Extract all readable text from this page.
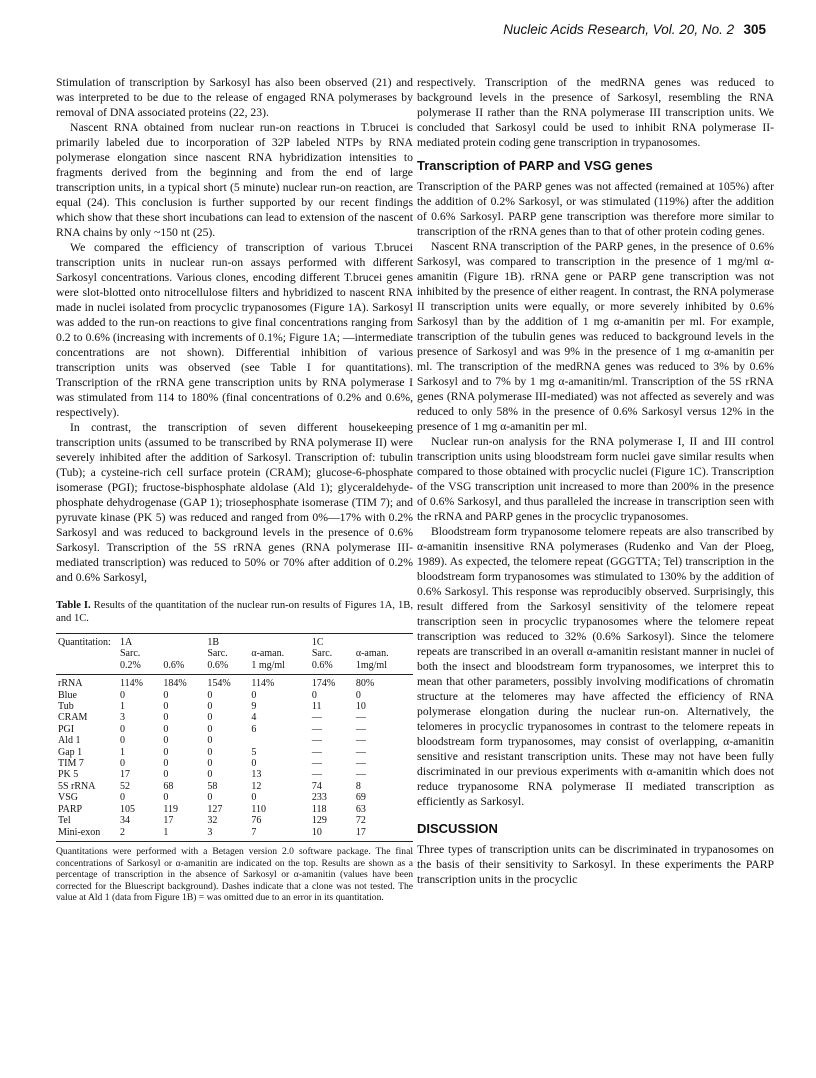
Nucleic Acids Research, Vol. 20, No. 2 305

Stimulation of transcription by Sarkosyl has also been observed (21) and was interpreted to be due to the release of engaged RNA polymerases by removal of DNA associated proteins (22, 23).

Nascent RNA obtained from nuclear run-on reactions in T.brucei is primarily labeled due to incorporation of 32P labeled NTPs by RNA polymerase elongation since nascent RNA hybridization intensities to fragments derived from the beginning and from the end of large transcription units, in a typical short (5 minute) nuclear run-on reaction, are equal (24). This conclusion is further supported by our recent findings which show that these short incubations can lead to extension of the nascent RNA chains by only ~150 nt (25).

We compared the efficiency of transcription of various T.brucei transcription units in nuclear run-on assays performed with different Sarkosyl concentrations. Various clones, encoding different T.brucei genes were slot-blotted onto nitrocellulose filters and hybridized to nascent RNA made in nuclei isolated from procyclic trypanosomes (Figure 1A). Sarkosyl was added to the run-on reactions to give final concentrations ranging from 0.2 to 0.6% (increasing with increments of 0.1%; Figure 1A; —intermediate concentrations are not shown). Differential inhibition of various transcription units was observed (see Table I for quantitations). Transcription of the rRNA gene transcription units by RNA polymerase I was stimulated from 114 to 180% (final concentrations of 0.2% and 0.6%, respectively).

In contrast, the transcription of seven different housekeeping transcription units (assumed to be transcribed by RNA polymerase II) were severely inhibited after the addition of Sarkosyl. Transcription of: tubulin (Tub); a cysteine-rich cell surface protein (CRAM); glucose-6-phosphate isomerase (PGI); fructose-bisphosphate aldolase (Ald 1); glyceraldehyde-phosphate dehydrogenase (GAP 1); triosephosphate isomerase (TIM 7); and pyruvate kinase (PK 5) was reduced and ranged from 0%—17% with 0.2% Sarkosyl and was reduced to background levels in the presence of 0.6% Sarkosyl. Transcription of the 5S rRNA genes (RNA polymerase III-mediated transcription) was reduced to 50% or 70% after addition of 0.2% and 0.6% Sarkosyl,

Table I. Results of the quantitation of the nuclear run-on results of Figures 1A, 1B, and 1C.
Quantitation:	1A		1B		1C	
	Sarc.		Sarc.	α-aman.	Sarc.	α-aman.
	0.2%	0.6%	0.6%	1 mg/ml	0.6%	1mg/ml
rRNA	114%	184%	154%	114%	174%	80%
Blue	0	0	0	0	0	0
Tub	1	0	0	9	11	10
CRAM	3	0	0	4	—	—
PGI	0	0	0	6	—	—
Ald 1	0	0	0		—	—
Gap 1	1	0	0	5	—	—
TIM 7	0	0	0	0	—	—
PK 5	17	0	0	13	—	—
5S rRNA	52	68	58	12	74	8
VSG	0	0	0	0	233	69
PARP	105	119	127	110	118	63
Tel	34	17	32	76	129	72
Mini-exon	2	1	3	7	10	17
Quantitations were performed with a Betagen version 2.0 software package. The final concentrations of Sarkosyl or α-amanitin are indicated on the top. Results are shown as a percentage of transcription in the absence of Sarkosyl or α-amanitin (values have been corrected for the Bluescript background). Dashes indicate that a clone was not tested. The value at Ald 1 (data from Figure 1B) = was omitted due to an error in its quantitation.

respectively. Transcription of the medRNA genes was reduced to background levels in the presence of Sarkosyl, resembling the RNA polymerase II rather than the RNA polymerase III transcription units. We concluded that Sarkosyl could be used to inhibit RNA polymerase II-mediated protein coding gene transcription in trypanosomes.

Transcription of PARP and VSG genes

Transcription of the PARP genes was not affected (remained at 105%) after the addition of 0.2% Sarkosyl, or was stimulated (119%) after the addition of 0.6% Sarkosyl. PARP gene transcription was therefore more similar to transcription of the rRNA genes than to that of other protein coding genes.

Nascent RNA transcription of the PARP genes, in the presence of 0.6% Sarkosyl, was compared to transcription in the presence of 1 mg/ml α-amanitin (Figure 1B). rRNA gene or PARP gene transcription was not inhibited by the presence of either reagent. In contrast, the RNA polymerase II transcription units were equally, or more severely inhibited by 0.6% Sarkosyl than by the addition of 1 mg α-amanitin per ml. For example, transcription of the tubulin genes was reduced to background levels in the presence of Sarkosyl and was 9% in the presence of 1 mg α-amanitin per ml. The transcription of the medRNA genes was reduced to 3% by 0.6% Sarkosyl and to 7% by 1 mg α-amanitin/ml. Transcription of the 5S rRNA genes (RNA polymerase III-mediated) was not affected as severely and was reduced to only 58% in the presence of 0.6% Sarkosyl versus 12% in the presence of 1 mg α-amanitin per ml.

Nuclear run-on analysis for the RNA polymerase I, II and III control transcription units using bloodstream form nuclei gave similar results when compared to those obtained with procyclic nuclei (Figure 1C). Transcription of the VSG transcription unit increased to more than 200% in the presence of 0.6% Sarkosyl, and thus paralleled the increase in transcription seen with the rRNA and PARP genes in the procyclic trypanosomes.

Bloodstream form trypanosome telomere repeats are also transcribed by α-amanitin insensitive RNA polymerases (Rudenko and Van der Ploeg, 1989). As expected, the telomere repeat (GGGTTA; Tel) transcription in the bloodstream form trypanosomes was stimulated to 130% by the addition of 0.6% Sarkosyl. This response was reproducibly observed. Surprisingly, this result differed from the Sarkosyl sensitivity of the telomere repeat transcription seen in procyclic trypanosomes where the telomere repeat transcription was reduced to 32% (0.6% Sarkosyl). Since the telomere repeats are transcribed in an overall α-amanitin resistant manner in nuclei of both the insect and bloodstream form trypanosomes, we interpret this to mean that other parameters, possibly involving modifications of chromatin structure at the telomeres may have affected the efficiency of RNA polymerase elongation during the nuclear run-on. Alternatively, the telomeres in procyclic trypanosomes in contrast to the telomere repeats in bloodstream form trypanosomes, may consist of overlapping, α-amanitin sensitive and resistant transcription units. These may not have been fully discriminated in our previous experiments with α-amanitin which does not reduce trypanosome RNA polymerase II mediated transcription as efficiently as Sarkosyl.

DISCUSSION

Three types of transcription units can be discriminated in trypanosomes on the basis of their sensitivity to Sarkosyl. In these experiments the PARP transcription units in the procyclic
